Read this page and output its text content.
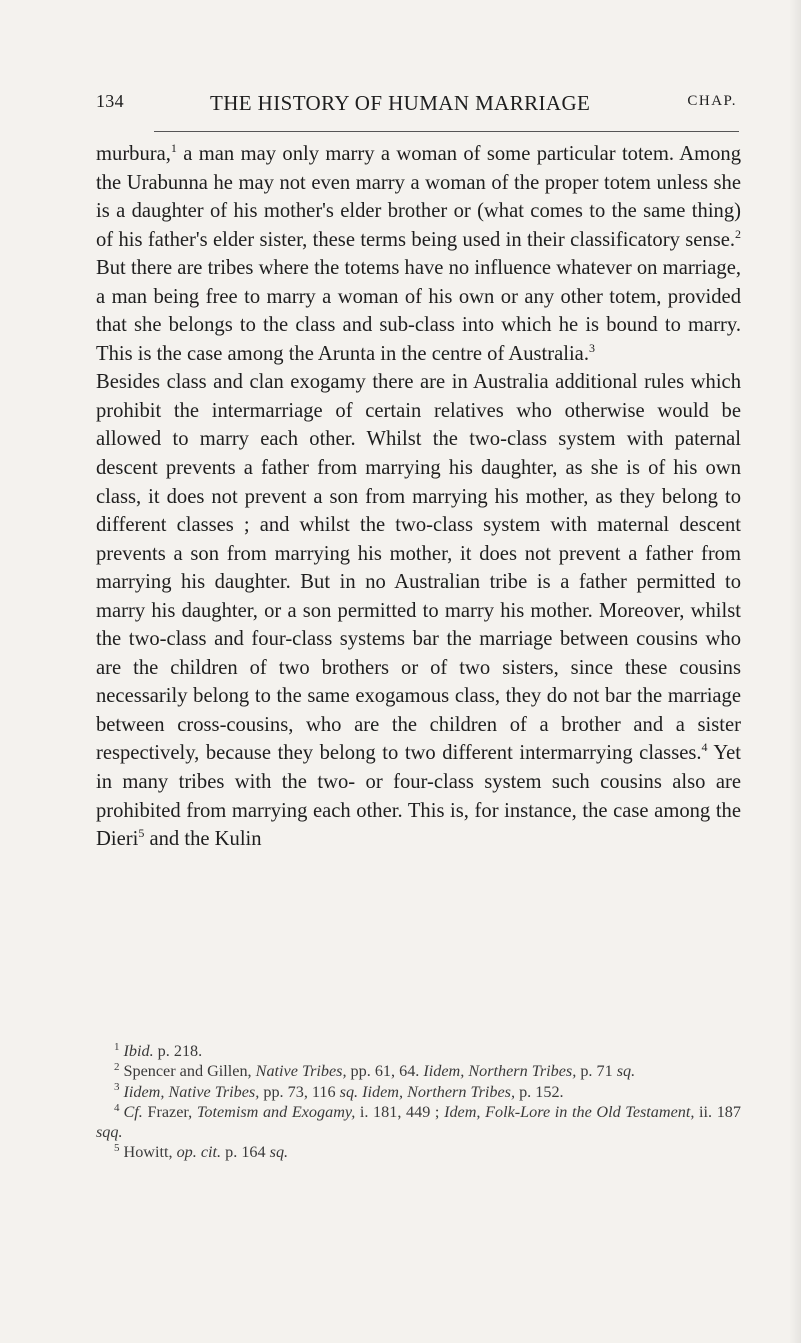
134	THE HISTORY OF HUMAN MARRIAGE	CHAP.

murbura,$^1$ a man may only marry a woman of some particular totem. Among the Urabunna he may not even marry a woman of the proper totem unless she is a daughter of his mother's elder brother or (what comes to the same thing) of his father's elder sister, these terms being used in their classificatory sense.$^2$ But there are tribes where the totems have no influence whatever on marriage, a man being free to marry a woman of his own or any other totem, provided that she belongs to the class and sub-class into which he is bound to marry. This is the case among the Arunta in the centre of Australia.$^3$

Besides class and clan exogamy there are in Australia additional rules which prohibit the intermarriage of certain relatives who otherwise would be allowed to marry each other. Whilst the two-class system with paternal descent prevents a father from marrying his daughter, as she is of his own class, it does not prevent a son from marrying his mother, as they belong to different classes ; and whilst the two-class system with maternal descent prevents a son from marrying his mother, it does not prevent a father from marrying his daughter. But in no Australian tribe is a father permitted to marry his daughter, or a son permitted to marry his mother. Moreover, whilst the two-class and four-class systems bar the marriage between cousins who are the children of two brothers or of two sisters, since these cousins necessarily belong to the same exogamous class, they do not bar the marriage between cross-cousins, who are the children of a brother and a sister respectively, because they belong to two different intermarrying classes.$^4$ Yet in many tribes with the two- or four-class system such cousins also are prohibited from marrying each other. This is, for instance, the case among the Dieri$^5$ and the Kulin

$^1$ Ibid. p. 218.

$^2$ Spencer and Gillen, Native Tribes, pp. 61, 64. Iidem, Northern Tribes, p. 71 sq.

$^3$ Iidem, Native Tribes, pp. 73, 116 sq. Iidem, Northern Tribes, p. 152.

$^4$ Cf. Frazer, Totemism and Exogamy, i. 181, 449 ; Idem, Folk-Lore in the Old Testament, ii. 187 sqq.

$^5$ Howitt, op. cit. p. 164 sq.
